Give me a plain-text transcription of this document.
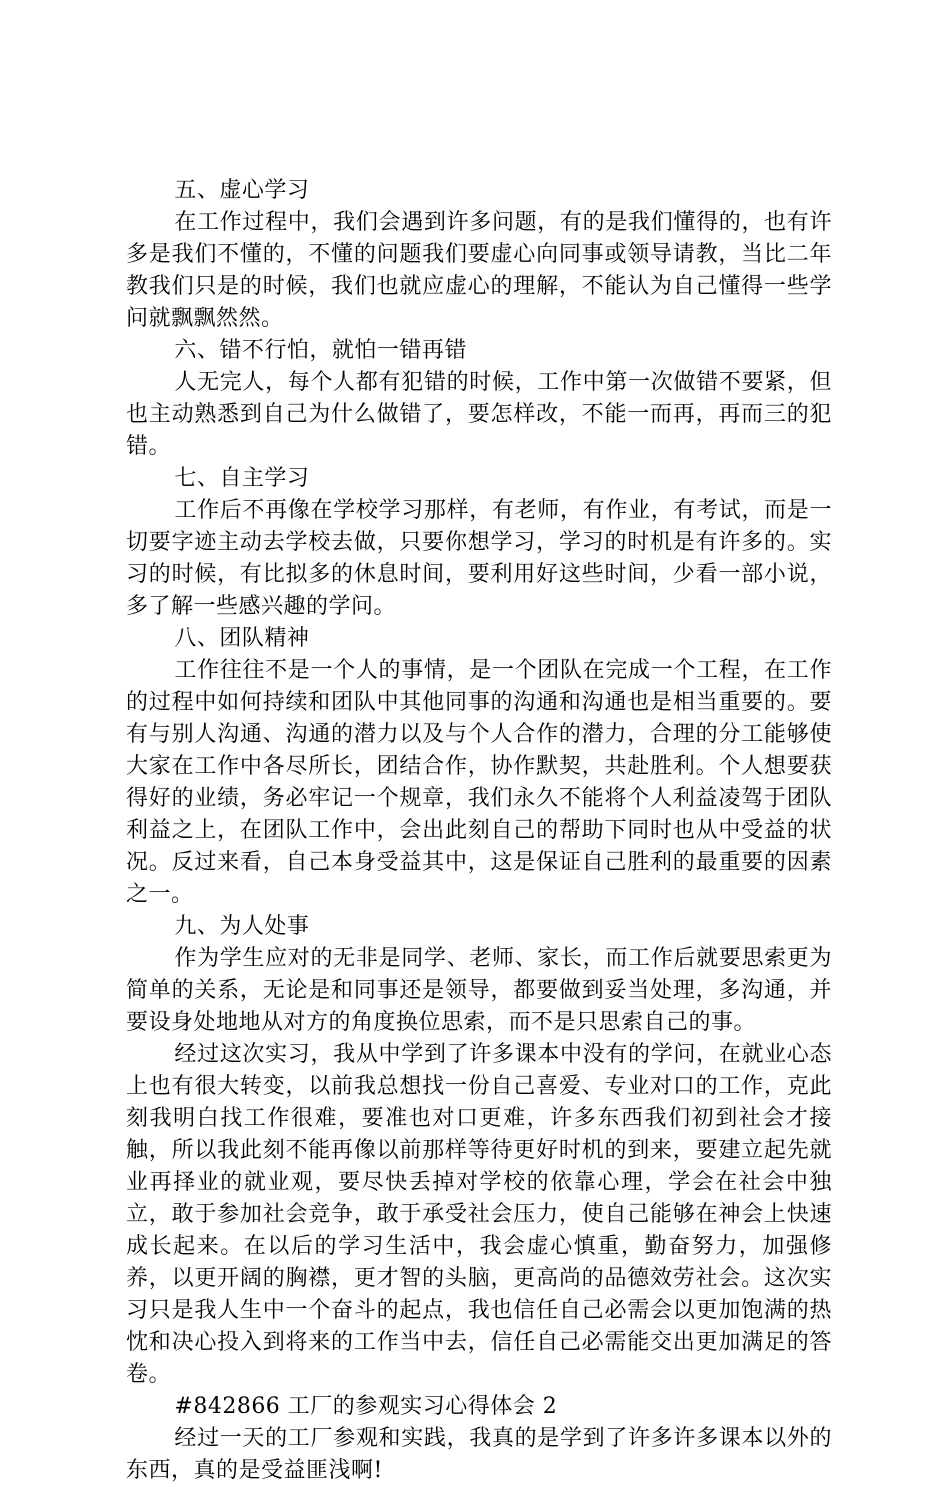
五、虚心学习

在工作过程中，我们会遇到许多问题，有的是我们懂得的，也有许多是我们不懂的，不懂的问题我们要虚心向同事或领导请教，当比二年教我们只是的时候，我们也就应虚心的理解，不能认为自己懂得一些学问就飘飘然然。

六、错不行怕，就怕一错再错

人无完人，每个人都有犯错的时候，工作中第一次做错不要紧，但也主动熟悉到自己为什么做错了，要怎样改，不能一而再，再而三的犯错。

七、自主学习

工作后不再像在学校学习那样，有老师，有作业，有考试，而是一切要字迹主动去学校去做，只要你想学习，学习的时机是有许多的。实习的时候，有比拟多的休息时间，要利用好这些时间，少看一部小说，多了解一些感兴趣的学问。

八、团队精神

工作往往不是一个人的事情，是一个团队在完成一个工程，在工作的过程中如何持续和团队中其他同事的沟通和沟通也是相当重要的。要有与别人沟通、沟通的潜力以及与个人合作的潜力，合理的分工能够使大家在工作中各尽所长，团结合作，协作默契，共赴胜利。个人想要获得好的业绩，务必牢记一个规章，我们永久不能将个人利益凌驾于团队利益之上，在团队工作中，会出此刻自己的帮助下同时也从中受益的状况。反过来看，自己本身受益其中，这是保证自己胜利的最重要的因素之一。

九、为人处事

作为学生应对的无非是同学、老师、家长，而工作后就要思索更为简单的关系，无论是和同事还是领导，都要做到妥当处理，多沟通，并要设身处地地从对方的角度换位思索，而不是只思索自己的事。

经过这次实习，我从中学到了许多课本中没有的学问，在就业心态上也有很大转变，以前我总想找一份自己喜爱、专业对口的工作，克此刻我明白找工作很难，要准也对口更难，许多东西我们初到社会才接触，所以我此刻不能再像以前那样等待更好时机的到来，要建立起先就业再择业的就业观，要尽快丢掉对学校的依靠心理，学会在社会中独立，敢于参加社会竞争，敢于承受社会压力，使自己能够在神会上快速成长起来。在以后的学习生活中，我会虚心慎重，勤奋努力，加强修养，以更开阔的胸襟，更才智的头脑，更高尚的品德效劳社会。这次实习只是我人生中一个奋斗的起点，我也信任自己必需会以更加饱满的热忱和决心投入到将来的工作当中去，信任自己必需能交出更加满足的答卷。

#842866 工厂的参观实习心得体会 2

经过一天的工厂参观和实践，我真的是学到了许多许多课本以外的东西，真的是受益匪浅啊!
